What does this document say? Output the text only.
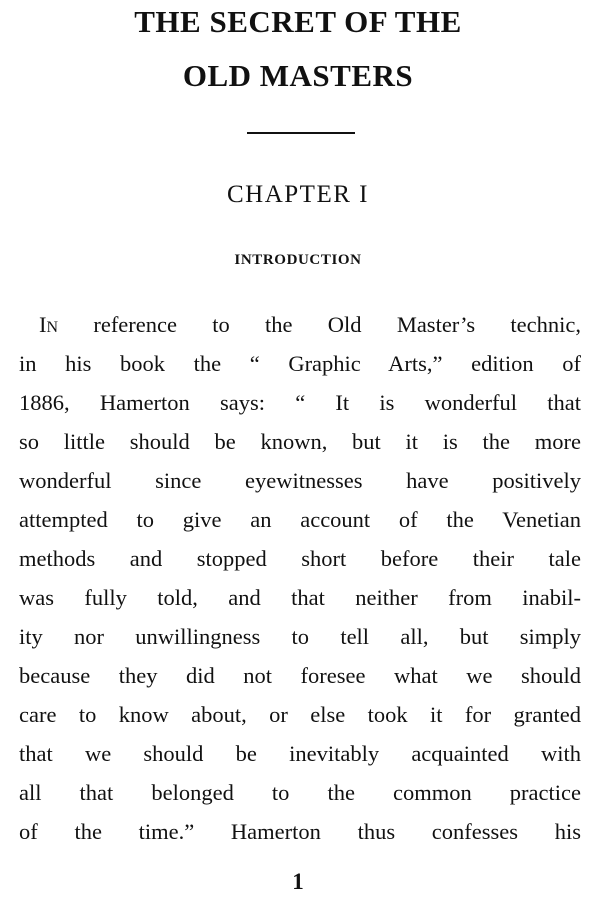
THE SECRET OF THE
OLD MASTERS
CHAPTER I
INTRODUCTION
In reference to the Old Master’s technic,
in his book the “ Graphic Arts,” edition of
1886, Hamerton says: “ It is wonderful that
so little should be known, but it is the more
wonderful since eyewitnesses have positively
attempted to give an account of the Venetian
methods and stopped short before their tale
was fully told, and that neither from inabil-
ity nor unwillingness to tell all, but simply
because they did not foresee what we should
care to know about, or else took it for granted
that we should be inevitably acquainted with
all that belonged to the common practice
of the time.” Hamerton thus confesses his
1
